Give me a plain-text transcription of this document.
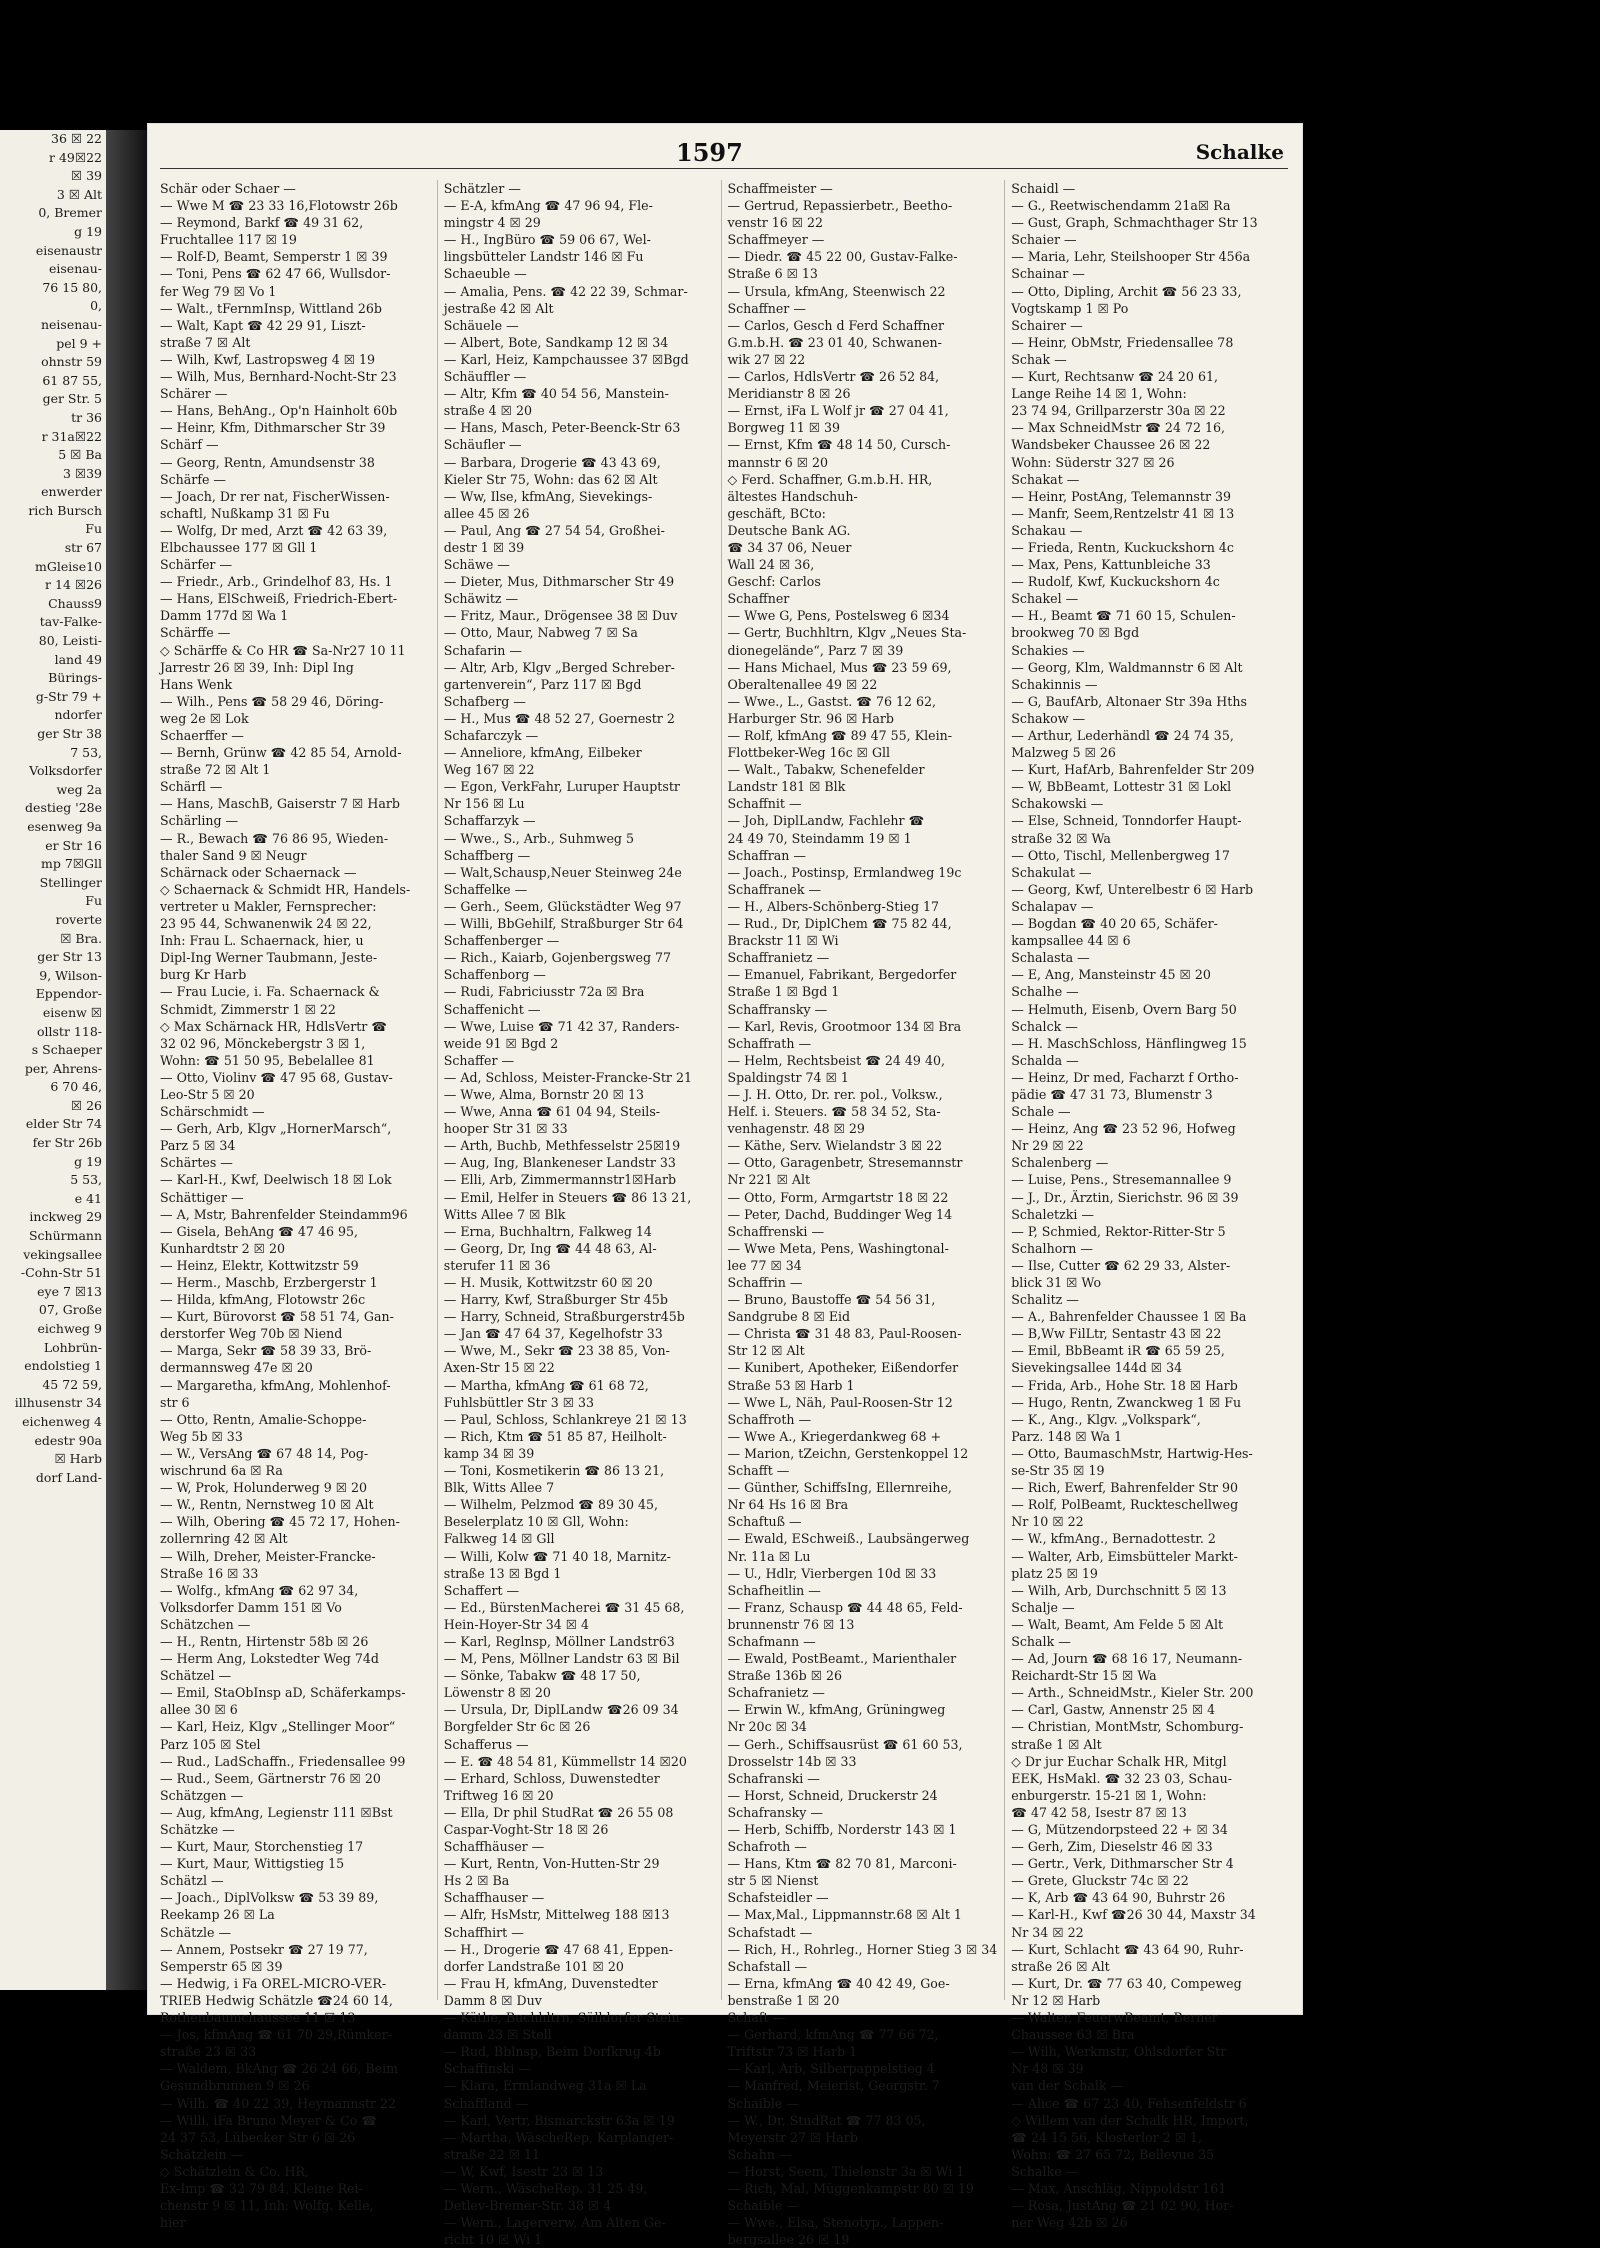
36 ☒ 22
r 49☒22
☒ 39
3 ☒ Alt
0, Bremer
g 19
eisenaustr
eisenau-
76 15 80,
0,
neisenau-
pel 9 +
ohnstr 59
61 87 55,
ger Str. 5
tr 36
r 31a☒22
5 ☒ Ba
3 ☒39
enwerder
rich Bursch
Fu
str 67
mGleise10
r 14 ☒26
Chauss9
tav-Falke-
80, Leisti-
land 49
Bürings-
g-Str 79 +
ndorfer
ger Str 38
7 53,
Volksdorfer
weg 2a
destieg '28e
esenweg 9a
er Str 16
mp 7☒Gll
Stellinger
Fu
roverte
☒ Bra.
ger Str 13
9, Wilson-
Eppendor-
eisenw ☒
ollstr 118-
s Schaeper
per, Ahrens-
6 70 46,
☒ 26
elder Str 74
fer Str 26b
g 19
5 53,
e 41
inckweg 29
Schürmann
vekingsallee
-Cohn-Str 51
eye 7 ☒13
07, Große
eichweg 9
Lohbrün-
endolstieg 1
45 72 59,
illhusenstr 34
eichenweg 4
edestr 90a
☒ Harb
dorf Land-
1597	Schalke
Schär oder Schaer —
— Wwe M ☎ 23 33 16,Flotowstr 26b
— Reymond, Barkf ☎ 49 31 62,
Fruchtallee 117 ☒ 19
— Rolf-D, Beamt, Semperstr 1 ☒ 39
— Toni, Pens ☎ 62 47 66, Wullsdor-
fer Weg 79 ☒ Vo 1
— Walt., tFernmInsp, Wittland 26b
— Walt, Kapt ☎ 42 29 91, Liszt-
straße 7 ☒ Alt
— Wilh, Kwf, Lastropsweg 4 ☒ 19
— Wilh, Mus, Bernhard-Nocht-Str 23
Schärer —
— Hans, BehAng., Op'n Hainholt 60b
— Heinr, Kfm, Dithmarscher Str 39
Schärf —
— Georg, Rentn, Amundsenstr 38
Schärfe —
— Joach, Dr rer nat, FischerWissen-
schaftl, Nußkamp 31 ☒ Fu
— Wolfg, Dr med, Arzt ☎ 42 63 39,
Elbchaussee 177 ☒ Gll 1
Schärfer —
— Friedr., Arb., Grindelhof 83, Hs. 1
— Hans, ElSchweiß, Friedrich-Ebert-
Damm 177d ☒ Wa 1
Schärffe —
◇ Schärffe & Co HR ☎ Sa-Nr27 10 11
Jarrestr 26 ☒ 39, Inh: Dipl Ing
Hans Wenk
— Wilh., Pens ☎ 58 29 46, Döring-
weg 2e ☒ Lok
Schaerffer —
— Bernh, Grünw ☎ 42 85 54, Arnold-
straße 72 ☒ Alt 1
Schärfl —
— Hans, MaschB, Gaiserstr 7 ☒ Harb
Schärling —
— R., Bewach ☎ 76 86 95, Wieden-
thaler Sand 9 ☒ Neugr
Schärnack oder Schaernack —
◇ Schaernack & Schmidt HR, Handels-
vertreter u Makler, Fernsprecher:
23 95 44, Schwanenwik 24 ☒ 22,
Inh: Frau L. Schaernack, hier, u
Dipl-Ing Werner Taubmann, Jeste-
burg Kr Harb
— Frau Lucie, i. Fa. Schaernack &
Schmidt, Zimmerstr 1 ☒ 22
◇ Max Schärnack HR, HdlsVertr ☎
32 02 96, Mönckebergstr 3 ☒ 1,
Wohn: ☎ 51 50 95, Bebelallee 81
— Otto, Violinv ☎ 47 95 68, Gustav-
Leo-Str 5 ☒ 20
Schärschmidt —
— Gerh, Arb, Klgv „HornerMarsch“,
Parz 5 ☒ 34
Schärtes —
— Karl-H., Kwf, Deelwisch 18 ☒ Lok
Schättiger —
— A, Mstr, Bahrenfelder Steindamm96
— Gisela, BehAng ☎ 47 46 95,
Kunhardtstr 2 ☒ 20
— Heinz, Elektr, Kottwitzstr 59
— Herm., Maschb, Erzbergerstr 1
— Hilda, kfmAng, Flotowstr 26c
— Kurt, Bürovorst ☎ 58 51 74, Gan-
derstorfer Weg 70b ☒ Niend
— Marga, Sekr ☎ 58 39 33, Brö-
dermannsweg 47e ☒ 20
— Margaretha, kfmAng, Mohlenhof-
str 6
— Otto, Rentn, Amalie-Schoppe-
Weg 5b ☒ 33
— W., VersAng ☎ 67 48 14, Pog-
wischrund 6a ☒ Ra
— W, Prok, Holunderweg 9 ☒ 20
— W., Rentn, Nernstweg 10 ☒ Alt
— Wilh, Obering ☎ 45 72 17, Hohen-
zollernring 42 ☒ Alt
— Wilh, Dreher, Meister-Francke-
Straße 16 ☒ 33
— Wolfg., kfmAng ☎ 62 97 34,
Volksdorfer Damm 151 ☒ Vo
Schätzchen —
— H., Rentn, Hirtenstr 58b ☒ 26
— Herm Ang, Lokstedter Weg 74d
Schätzel —
— Emil, StaObInsp aD, Schäferkamps-
allee 30 ☒ 6
— Karl, Heiz, Klgv „Stellinger Moor“
Parz 105 ☒ Stel
— Rud., LadSchaffn., Friedensallee 99
— Rud., Seem, Gärtnerstr 76 ☒ 20
Schätzgen —
— Aug, kfmAng, Legienstr 111 ☒Bst
Schätzke —
— Kurt, Maur, Storchenstieg 17
— Kurt, Maur, Wittigstieg 15
Schätzl —
— Joach., DiplVolksw ☎ 53 39 89,
Reekamp 26 ☒ La
Schätzle —
— Annem, Postsekr ☎ 27 19 77,
Semperstr 65 ☒ 39
— Hedwig, i Fa OREL-MICRO-VER-
TRIEB Hedwig Schätzle ☎24 60 14,
Rothenbaumchaussee 11 ☒ 13
— Jos, kfmAng ☎ 61 70 29,Rümker-
straße 23 ☒ 33
— Waldem, BkAng ☎ 26 24 66, Beim
Gesundbrunnen 9 ☒ 26
— Wilh. ☎ 40 22 39, Heymannstr 22
— Willi, iFa Bruno Meyer & Co ☎
24 37 53, Lübecker Str 6 ☒ 26
Schätzlein —
◇ Schätzlein & Co. HR,
Ex-Imp ☎ 32 79 84, Kleine Rei-
chenstr 9 ☒ 11, Inh: Wolfg. Kelle,
hier
Schätzler —
— E-A, kfmAng ☎ 47 96 94, Fle-
mingstr 4 ☒ 29
— H., IngBüro ☎ 59 06 67, Wel-
lingsbütteler Landstr 146 ☒ Fu
Schaeuble —
— Amalia, Pens. ☎ 42 22 39, Schmar-
jestraße 42 ☒ Alt
Schäuele —
— Albert, Bote, Sandkamp 12 ☒ 34
— Karl, Heiz, Kampchaussee 37 ☒Bgd
Schäuffler —
— Altr, Kfm ☎ 40 54 56, Manstein-
straße 4 ☒ 20
— Hans, Masch, Peter-Beenck-Str 63
Schäufler —
— Barbara, Drogerie ☎ 43 43 69,
Kieler Str 75, Wohn: das 62 ☒ Alt
— Ww, Ilse, kfmAng, Sievekings-
allee 45 ☒ 26
— Paul, Ang ☎ 27 54 54, Großhei-
destr 1 ☒ 39
Schäwe —
— Dieter, Mus, Dithmarscher Str 49
Schäwitz —
— Fritz, Maur., Drögensee 38 ☒ Duv
— Otto, Maur, Nabweg 7 ☒ Sa
Schafarin —
— Altr, Arb, Klgv „Berged Schreber-
gartenverein“, Parz 117 ☒ Bgd
Schafberg —
— H., Mus ☎ 48 52 27, Goernestr 2
Schafarczyk —
— Anneliore, kfmAng, Eilbeker
Weg 167 ☒ 22
— Egon, VerkFahr, Luruper Hauptstr
Nr 156 ☒ Lu
Schaffarzyk —
— Wwe., S., Arb., Suhmweg 5
Schaffberg —
— Walt,Schausp,Neuer Steinweg 24e
Schaffelke —
— Gerh., Seem, Glückstädter Weg 97
— Willi, BbGehilf, Straßburger Str 64
Schaffenberger —
— Rich., Kaiarb, Gojenbergsweg 77
Schaffenborg —
— Rudi, Fabriciusstr 72a ☒ Bra
Schaffenicht —
— Wwe, Luise ☎ 71 42 37, Randers-
weide 91 ☒ Bgd 2
Schaffer —
— Ad, Schloss, Meister-Francke-Str 21
— Wwe, Alma, Bornstr 20 ☒ 13
— Wwe, Anna ☎ 61 04 94, Steils-
hooper Str 31 ☒ 33
— Arth, Buchb, Methfesselstr 25☒19
— Aug, Ing, Blankeneser Landstr 33
— Elli, Arb, Zimmermannstr1☒Harb
— Emil, Helfer in Steuers ☎ 86 13 21,
Witts Allee 7 ☒ Blk
— Erna, Buchhaltrn, Falkweg 14
— Georg, Dr, Ing ☎ 44 48 63, Al-
sterufer 11 ☒ 36
— H. Musik, Kottwitzstr 60 ☒ 20
— Harry, Kwf, Straßburger Str 45b
— Harry, Schneid, Straßburgerstr45b
— Jan ☎ 47 64 37, Kegelhofstr 33
— Wwe, M., Sekr ☎ 23 38 85, Von-
Axen-Str 15 ☒ 22
— Martha, kfmAng ☎ 61 68 72,
Fuhlsbüttler Str 3 ☒ 33
— Paul, Schloss, Schlankreye 21 ☒ 13
— Rich, Ktm ☎ 51 85 87, Heilholt-
kamp 34 ☒ 39
— Toni, Kosmetikerin ☎ 86 13 21,
Blk, Witts Allee 7
— Wilhelm, Pelzmod ☎ 89 30 45,
Beselerplatz 10 ☒ Gll, Wohn:
Falkweg 14 ☒ Gll
— Willi, Kolw ☎ 71 40 18, Marnitz-
straße 13 ☒ Bgd 1
Schaffert —
— Ed., BürstenMacherei ☎ 31 45 68,
Hein-Hoyer-Str 34 ☒ 4
— Karl, Reglnsp, Möllner Landstr63
— M, Pens, Möllner Landstr 63 ☒ Bil
— Sönke, Tabakw ☎ 48 17 50,
Löwenstr 8 ☒ 20
— Ursula, Dr, DiplLandw ☎26 09 34
Borgfelder Str 6c ☒ 26
Schafferus —
— E. ☎ 48 54 81, Kümmellstr 14 ☒20
— Erhard, Schloss, Duwenstedter
Triftweg 16 ☒ 20
— Ella, Dr phil StudRat ☎ 26 55 08
Caspar-Voght-Str 18 ☒ 26
Schaffhäuser —
— Kurt, Rentn, Von-Hutten-Str 29
Hs 2 ☒ Ba
Schaffhauser —
— Alfr, HsMstr, Mittelweg 188 ☒13
Schaffhirt —
— H., Drogerie ☎ 47 68 41, Eppen-
dorfer Landstraße 101 ☒ 20
— Frau H, kfmAng, Duvenstedter
Damm 8 ☒ Duv
— Käthe, Buchhltrn, Sülldorfer Stein-
damm 23 ☒ Stell
— Rud, Bblnsp, Beim Dorfkrug 4b
Schaffinski —
— Klara, Ermlandweg 31a ☒ La
Schaffland —
— Karl, Vertr, Bismarckstr 63a ☒ 19
— Martha, WäscheRep, Karplanger-
straße 22 ☒ 11
— W, Kwf, Isestr 23 ☒ 13
— Wern., WäscheRep. 31 25 49,
Detlev-Bremer-Str. 38 ☒ 4
— Wern., Lagerverw, Am Alten Ge-
richt 10 ☒ Wi 1
Schaffmeister —
— Gertrud, Repassierbetr., Beetho-
venstr 16 ☒ 22
Schaffmeyer —
— Diedr. ☎ 45 22 00, Gustav-Falke-
Straße 6 ☒ 13
— Ursula, kfmAng, Steenwisch 22
Schaffner —
— Carlos, Gesch d Ferd Schaffner
G.m.b.H. ☎ 23 01 40, Schwanen-
wik 27 ☒ 22
— Carlos, HdlsVertr ☎ 26 52 84,
Meridianstr 8 ☒ 26
— Ernst, iFa L Wolf jr ☎ 27 04 41,
Borgweg 11 ☒ 39
— Ernst, Kfm ☎ 48 14 50, Cursch-
mannstr 6 ☒ 20
◇ Ferd. Schaffner, G.m.b.H. HR,
ältestes Handschuh-
geschäft, BCto:
Deutsche Bank AG.
☎ 34 37 06, Neuer
Wall 24 ☒ 36,
Geschf: Carlos
Schaffner
— Wwe G, Pens, Postelsweg 6 ☒34
— Gertr, Buchhltrn, Klgv „Neues Sta-
dionegelände“, Parz 7 ☒ 39
— Hans Michael, Mus ☎ 23 59 69,
Oberaltenallee 49 ☒ 22
— Wwe., L., Gastst. ☎ 76 12 62,
Harburger Str. 96 ☒ Harb
— Rolf, kfmAng ☎ 89 47 55, Klein-
Flottbeker-Weg 16c ☒ Gll
— Walt., Tabakw, Schenefelder
Landstr 181 ☒ Blk
Schaffnit —
— Joh, DiplLandw, Fachlehr ☎
24 49 70, Steindamm 19 ☒ 1
Schaffran —
— Joach., Postinsp, Ermlandweg 19c
Schaffranek —
— H., Albers-Schönberg-Stieg 17
— Rud., Dr, DiplChem ☎ 75 82 44,
Brackstr 11 ☒ Wi
Schaffranietz —
— Emanuel, Fabrikant, Bergedorfer
Straße 1 ☒ Bgd 1
Schaffransky —
— Karl, Revis, Grootmoor 134 ☒ Bra
Schaffrath —
— Helm, Rechtsbeist ☎ 24 49 40,
Spaldingstr 74 ☒ 1
— J. H. Otto, Dr. rer. pol., Volksw.,
Helf. i. Steuers. ☎ 58 34 52, Sta-
venhagenstr. 48 ☒ 29
— Käthe, Serv. Wielandstr 3 ☒ 22
— Otto, Garagenbetr, Stresemannstr
Nr 221 ☒ Alt
— Otto, Form, Armgartstr 18 ☒ 22
— Peter, Dachd, Buddinger Weg 14
Schaffrenski —
— Wwe Meta, Pens, Washingtonal-
lee 77 ☒ 34
Schaffrin —
— Bruno, Baustoffe ☎ 54 56 31,
Sandgrube 8 ☒ Eid
— Christa ☎ 31 48 83, Paul-Roosen-
Str 12 ☒ Alt
— Kunibert, Apotheker, Eißendorfer
Straße 53 ☒ Harb 1
— Wwe L, Näh, Paul-Roosen-Str 12
Schaffroth —
— Wwe A., Kriegerdankweg 68 +
— Marion, tZeichn, Gerstenkoppel 12
Schafft —
— Günther, SchiffsIng, Ellernreihe,
Nr 64 Hs 16 ☒ Bra
Schaftuß —
— Ewald, ESchweiß., Laubsängerweg
Nr. 11a ☒ Lu
— U., Hdlr, Vierbergen 10d ☒ 33
Schafheitlin —
— Franz, Schausp ☎ 44 48 65, Feld-
brunnenstr 76 ☒ 13
Schafmann —
— Ewald, PostBeamt., Marienthaler
Straße 136b ☒ 26
Schafranietz —
— Erwin W., kfmAng, Grüningweg
Nr 20c ☒ 34
— Gerh., Schiffsausrüst ☎ 61 60 53,
Drosselstr 14b ☒ 33
Schafranski —
— Horst, Schneid, Druckerstr 24
Schafransky —
— Herb, Schiffb, Norderstr 143 ☒ 1
Schafroth —
— Hans, Ktm ☎ 82 70 81, Marconi-
str 5 ☒ Nienst
Schafsteidler —
— Max,Mal., Lippmannstr.68 ☒ Alt 1
Schafstadt —
— Rich, H., Rohrleg., Horner Stieg 3 ☒ 34
Schafstall —
— Erna, kfmAng ☎ 40 42 49, Goe-
benstraße 1 ☒ 20
Schaft —
— Gerhard, kfmAng ☎ 77 66 72,
Triftstr 73 ☒ Harb 1
— Karl, Arb, Silberpappelstieg 4
— Manfred, Meierist, Georgstr. 7
Schaible —
— W., Dr, StudRat ☎ 77 83 05,
Meyerstr 27 ☒ Harb
Schahn —
— Horst, Seem, Thielenstr 3a ☒ Wi 1
— Rich, Mal, Müggenkampstr 80 ☒ 19
Schaible —
— Wwe., Elsa, Stenotyp., Lappen-
bergsallee 26 ☒ 19
Schaidl —
— G., Reetwischendamm 21a☒ Ra
— Gust, Graph, Schmachthager Str 13
Schaier —
— Maria, Lehr, Steilshooper Str 456a
Schainar —
— Otto, Dipling, Archit ☎ 56 23 33,
Vogtskamp 1 ☒ Po
Schairer —
— Heinr, ObMstr, Friedensallee 78
Schak —
— Kurt, Rechtsanw ☎ 24 20 61,
Lange Reihe 14 ☒ 1, Wohn:
23 74 94, Grillparzerstr 30a ☒ 22
— Max SchneidMstr ☎ 24 72 16,
Wandsbeker Chaussee 26 ☒ 22
Wohn: Süderstr 327 ☒ 26
Schakat —
— Heinr, PostAng, Telemannstr 39
— Manfr, Seem,Rentzelstr 41 ☒ 13
Schakau —
— Frieda, Rentn, Kuckuckshorn 4c
— Max, Pens, Kattunbleiche 33
— Rudolf, Kwf, Kuckuckshorn 4c
Schakel —
— H., Beamt ☎ 71 60 15, Schulen-
brookweg 70 ☒ Bgd
Schakies —
— Georg, Klm, Waldmannstr 6 ☒ Alt
Schakinnis —
— G, BaufArb, Altonaer Str 39a Hths
Schakow —
— Arthur, Lederhändl ☎ 24 74 35,
Malzweg 5 ☒ 26
— Kurt, HafArb, Bahrenfelder Str 209
— W, BbBeamt, Lottestr 31 ☒ Lokl
Schakowski —
— Else, Schneid, Tonndorfer Haupt-
straße 32 ☒ Wa
— Otto, Tischl, Mellenbergweg 17
Schakulat —
— Georg, Kwf, Unterelbestr 6 ☒ Harb
Schalapav —
— Bogdan ☎ 40 20 65, Schäfer-
kampsallee 44 ☒ 6
Schalasta —
— E, Ang, Mansteinstr 45 ☒ 20
Schalhe —
— Helmuth, Eisenb, Overn Barg 50
Schalck —
— H. MaschSchloss, Hänflingweg 15
Schalda —
— Heinz, Dr med, Facharzt f Ortho-
pädie ☎ 47 31 73, Blumenstr 3
Schale —
— Heinz, Ang ☎ 23 52 96, Hofweg
Nr 29 ☒ 22
Schalenberg —
— Luise, Pens., Stresemannallee 9
— J., Dr., Ärztin, Sierichstr. 96 ☒ 39
Schaletzki —
— P, Schmied, Rektor-Ritter-Str 5
Schalhorn —
— Ilse, Cutter ☎ 62 29 33, Alster-
blick 31 ☒ Wo
Schalitz —
— A., Bahrenfelder Chaussee 1 ☒ Ba
— B,Ww FilLtr, Sentastr 43 ☒ 22
— Emil, BbBeamt iR ☎ 65 59 25,
Sievekingsallee 144d ☒ 34
— Frida, Arb., Hohe Str. 18 ☒ Harb
— Hugo, Rentn, Zwanckweg 1 ☒ Fu
— K., Ang., Klgv. „Volkspark“,
Parz. 148 ☒ Wa 1
— Otto, BaumaschMstr, Hartwig-Hes-
se-Str 35 ☒ 19
— Rich, Ewerf, Bahrenfelder Str 90
— Rolf, PolBeamt, Ruckteschellweg
Nr 10 ☒ 22
— W., kfmAng., Bernadottestr. 2
— Walter, Arb, Eimsbütteler Markt-
platz 25 ☒ 19
— Wilh, Arb, Durchschnitt 5 ☒ 13
Schalje —
— Walt, Beamt, Am Felde 5 ☒ Alt
Schalk —
— Ad, Journ ☎ 68 16 17, Neumann-
Reichardt-Str 15 ☒ Wa
— Arth., SchneidMstr., Kieler Str. 200
— Carl, Gastw, Annenstr 25 ☒ 4
— Christian, MontMstr, Schomburg-
straße 1 ☒ Alt
◇ Dr jur Euchar Schalk HR, Mitgl
EEK, HsMakl. ☎ 32 23 03, Schau-
enburgerstr. 15-21 ☒ 1, Wohn:
☎ 47 42 58, Isestr 87 ☒ 13
— G, Mützendorpsteed 22 + ☒ 34
— Gerh, Zim, Dieselstr 46 ☒ 33
— Gertr., Verk, Dithmarscher Str 4
— Grete, Gluckstr 74c ☒ 22
— K, Arb ☎ 43 64 90, Buhrstr 26
— Karl-H., Kwf ☎26 30 44, Maxstr 34
Nr 34 ☒ 22
— Kurt, Schlacht ☎ 43 64 90, Ruhr-
straße 26 ☒ Alt
— Kurt, Dr. ☎ 77 63 40, Compeweg
Nr 12 ☒ Harb
— Walter, FeuerwBeamt, Berner
Chaussee 63 ☒ Bra
— Wilh, Werkmstr, Ohlsdorfer Str
Nr 48 ☒ 39
van der Schalk —
— Alice ☎ 67 23 40, Fehsenfeldstr 6
◇ Willem van der Schalk HR, Import,
☎ 24 15 56, Klosterlor 2 ☒ 1,
Wohn: ☎ 27 65 72, Bellevue 35
Schalke —
— Max, Anschläg, Nippoldstr 161
— Rosa, JustAng ☎ 21 02 90, Hor-
ner Weg 42b ☒ 26
